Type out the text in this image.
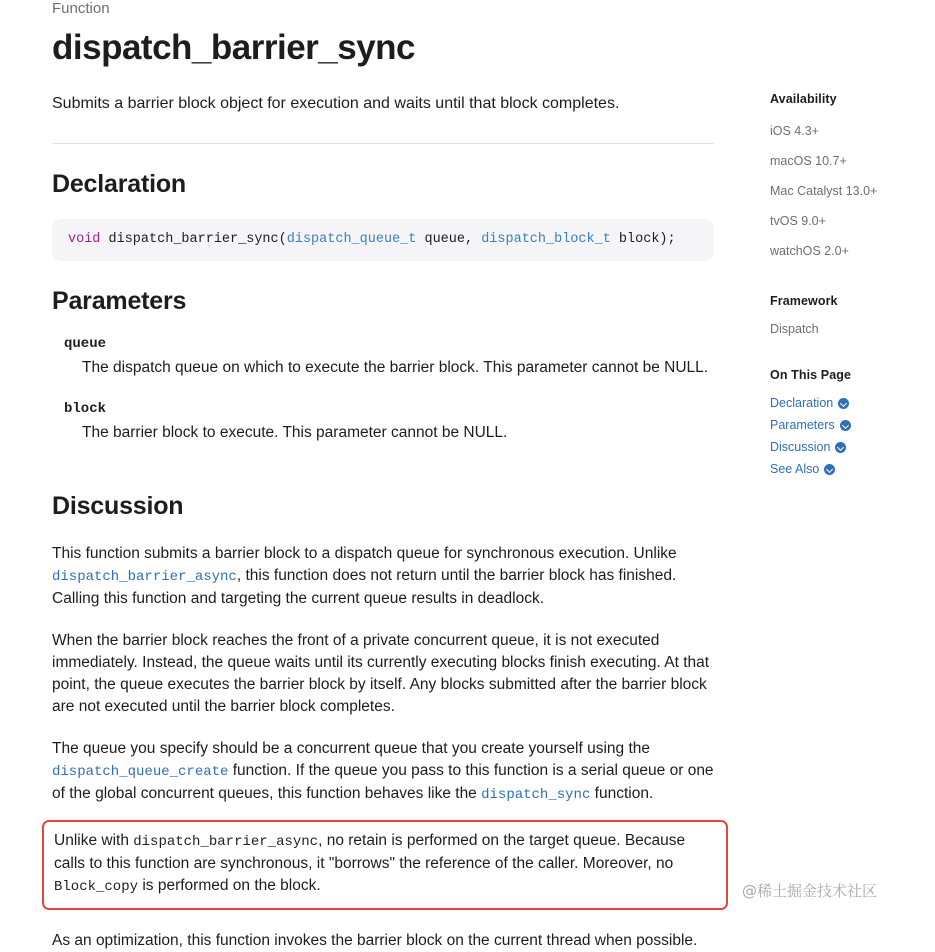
Function

dispatch_barrier_sync

Submits a barrier block object for execution and waits until that block completes.

Declaration
void dispatch_barrier_sync(dispatch_queue_t queue, dispatch_block_t block);
Parameters
queue
The dispatch queue on which to execute the barrier block. This parameter cannot be NULL.
block
The barrier block to execute. This parameter cannot be NULL.
Discussion

This function submits a barrier block to a dispatch queue for synchronous execution. Unlike dispatch_barrier_async, this function does not return until the barrier block has finished. Calling this function and targeting the current queue results in deadlock.

When the barrier block reaches the front of a private concurrent queue, it is not executed immediately. Instead, the queue waits until its currently executing blocks finish executing. At that point, the queue executes the barrier block by itself. Any blocks submitted after the barrier block are not executed until the barrier block completes.

The queue you specify should be a concurrent queue that you create yourself using the dispatch_queue_create function. If the queue you pass to this function is a serial queue or one of the global concurrent queues, this function behaves like the dispatch_sync function.

Unlike with dispatch_barrier_async, no retain is performed on the target queue. Because calls to this function are synchronous, it "borrows" the reference of the caller. Moreover, no Block_copy is performed on the block.

As an optimization, this function invokes the barrier block on the current thread when possible.

Availability
iOS 4.3+
macOS 10.7+
Mac Catalyst 13.0+
tvOS 9.0+
watchOS 2.0+
Framework
Dispatch
On This Page
Declaration
Parameters
Discussion
See Also
@稀土掘金技术社区
